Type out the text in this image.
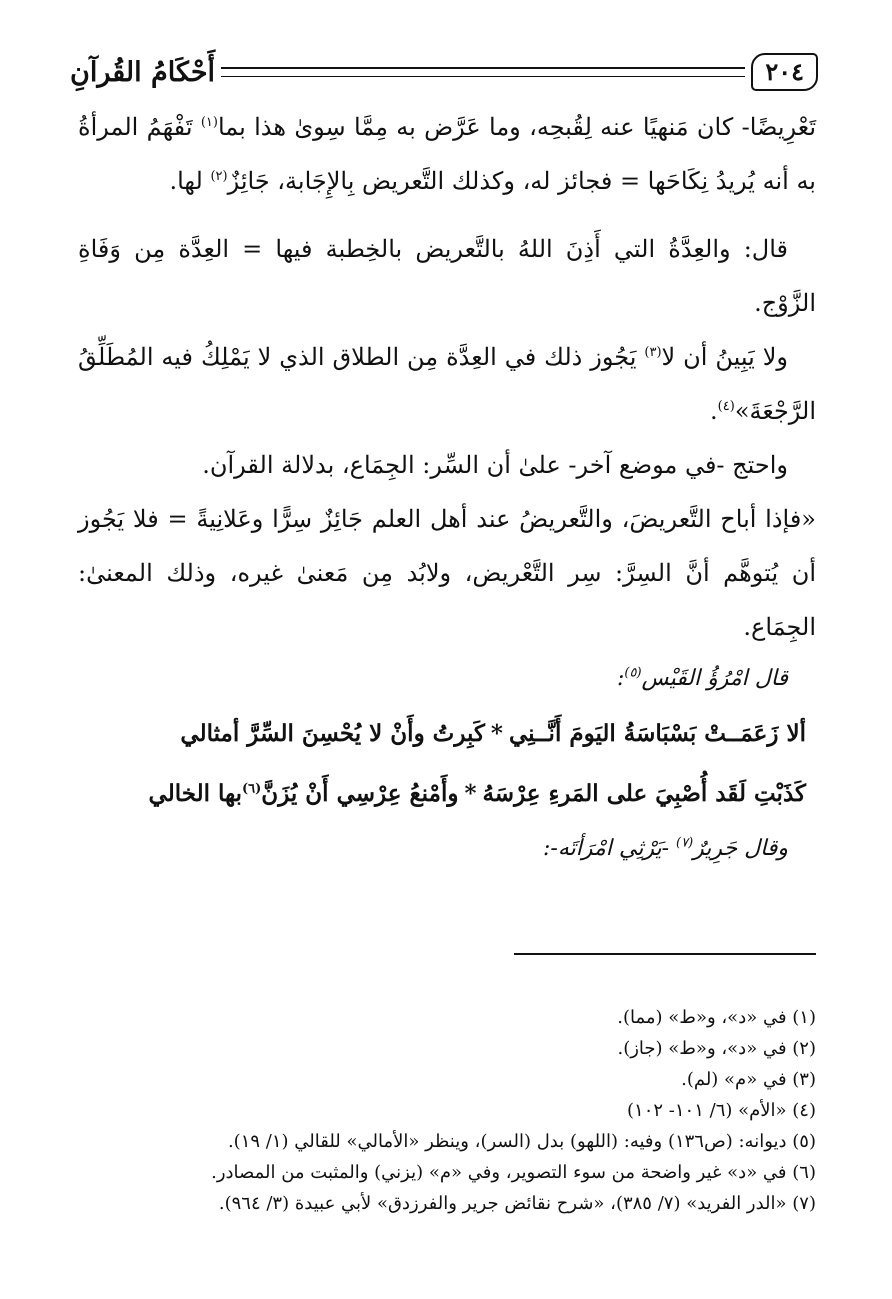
٢٠٤
أَحْكَامُ القُرآنِ

تَعْرِيضًا- كان مَنهيًا عنه لِقُبحِه، وما عَرَّض به مِمَّا سِوىٰ هذا بما$^{(١)}$ تَفْهَمُ المرأةُ به أنه يُريدُ نِكَاحَها = فجائز له، وكذلك التَّعريض بِالإِجَابة، جَائِزٌ$^{(٢)}$ لها.

قال: والعِدَّةُ التي أَذِنَ اللهُ بالتَّعريض بالخِطبة فيها = العِدَّة مِن وَفَاةِ الزَّوْج.

ولا يَبِينُ أن لا$^{(٣)}$ يَجُوز ذلك في العِدَّة مِن الطلاق الذي لا يَمْلِكُ فيه المُطَلِّقُ الرَّجْعَةَ»$^{(٤)}$.

واحتج -في موضع آخر- علىٰ أن السِّر: الجِمَاع، بدلالة القرآن.

«فإذا أباح التَّعريضَ، والتَّعريضُ عند أهل العلم جَائِزٌ سِرًّا وعَلانِيةً = فلا يَجُوز أن يُتوهَّم أنَّ السِرَّ: سِر التَّعْريض، ولابُد مِن مَعنىٰ غيره، وذلك المعنىٰ: الجِمَاع.

قال امْرُؤُ القَيْس$^{(٥)}$:

ألا زَعَمَــتْ بَسْبَاسَةُ اليَومَ أَنَّــنِي*كَبِرتُ وأَنْ لا يُحْسِنَ السِّرَّ أمثالي

كَذَبْتِ لَقَد أُصْبِيَ على المَرءِ عِرْسَهُ*وأَمْنعُ عِرْسِي أَنْ يُزَنَّ$^{(٦)}$بها الخالي

وقال جَرِيرٌ$^{(٧)}$ -يَرْثِي امْرَأتَه-:

(١) في «د»، و«ط» (مما).

(٢) في «د»، و«ط» (جاز).

(٣) في «م» (لم).

(٤) «الأم» (٦/ ١٠١- ١٠٢)

(٥) ديوانه: (ص١٣٦) وفيه: (اللهو) بدل (السر)، وينظر «الأمالي» للقالي (١/ ١٩).

(٦) في «د» غير واضحة من سوء التصوير، وفي «م» (يزني) والمثبت من المصادر.

(٧) «الدر الفريد» (٧/ ٣٨٥)، «شرح نقائض جرير والفرزدق» لأبي عبيدة (٣/ ٩٦٤).
